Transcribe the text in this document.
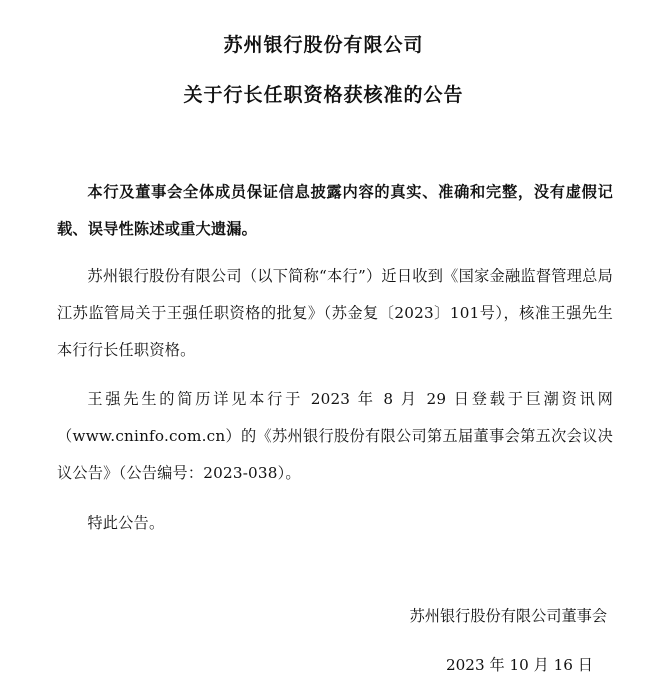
苏州银行股份有限公司
关于行长任职资格获核准的公告

本行及董事会全体成员保证信息披露内容的真实、准确和完整，没有虚假记载、误导性陈述或重大遗漏。

苏州银行股份有限公司（以下简称“本行”）近日收到《国家金融监督管理总局江苏监管局关于王强任职资格的批复》（苏金复〔2023〕101号），核准王强先生本行行长任职资格。

王强先生的简历详见本行于 2023 年 8 月 29 日登载于巨潮资讯网（www.cninfo.com.cn）的《苏州银行股份有限公司第五届董事会第五次会议决议公告》（公告编号：2023-038）。

特此公告。

苏州银行股份有限公司董事会

2023 年 10 月 16 日
